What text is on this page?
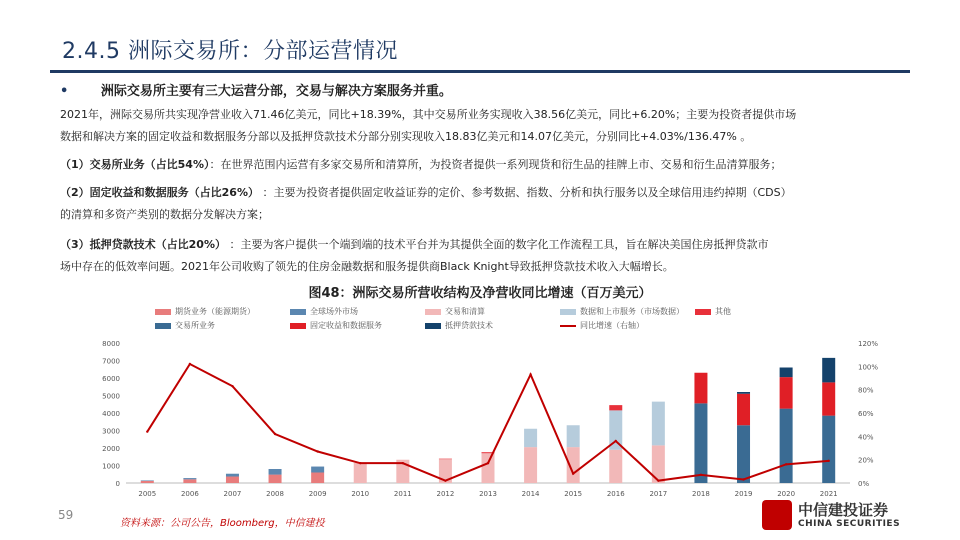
2.4.5 洲际交易所：分部运营情况
•	洲际交易所主要有三大运营分部，交易与解决方案服务并重。
2021年，洲际交易所共实现净营业收入71.46亿美元，同比+18.39%，其中交易所业务实现收入38.56亿美元，同比+6.20%；主要为投资者提供市场
数据和解决方案的固定收益和数据服务分部以及抵押贷款技术分部分别实现收入18.83亿美元和14.07亿美元，分别同比+4.03%/136.47% 。
（1）交易所业务（占比54%）：在世界范围内运营有多家交易所和清算所，为投资者提供一系列现货和衍生品的挂牌上市、交易和衍生品清算服务；
（2）固定收益和数据服务（占比26%） ：主要为投资者提供固定收益证券的定价、参考数据、指数、分析和执行服务以及全球信用违约掉期（CDS）
的清算和多资产类别的数据分发解决方案；
（3）抵押贷款技术（占比20%） ：主要为客户提供一个端到端的技术平台并为其提供全面的数字化工作流程工具，旨在解决美国住房抵押贷款市
场中存在的低效率问题。2021年公司收购了领先的住房金融数据和服务提供商Black Knight导致抵押贷款技术收入大幅增长。
图48：洲际交易所营收结构及净营收同比增速（百万美元）
期货业务（能源期货）	全球场外市场	交易和清算	数据和上市服务（市场数据）	其他
交易所业务	固定收益和数据服务	抵押贷款技术	同比增速（右轴）
0
1000
2000
3000
4000
5000
6000
7000
8000
0%
20%
40%
60%
80%
100%
120%
2005	2006	2007	2008	2009	2010	2011	2012	2013	2014	2015	2016	2017	2018	2019	2020	2021
59
资料来源：公司公告，Bloomberg，中信建投
中信建投证券
CHINA SECURITIES
